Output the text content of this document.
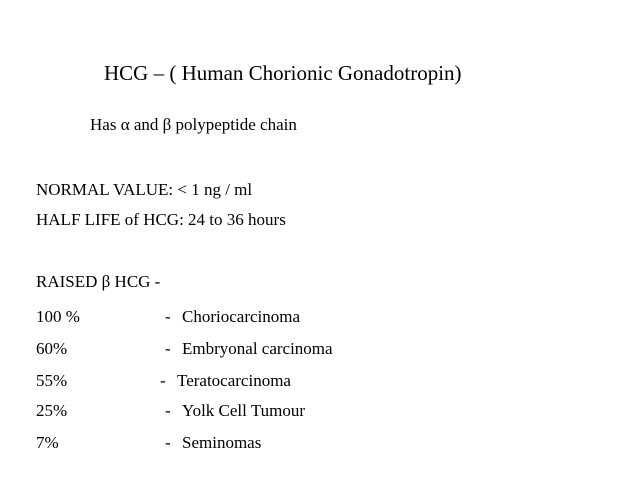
HCG – ( Human Chorionic Gonadotropin)
Has α and β polypeptide chain
NORMAL VALUE: < 1 ng / ml
HALF LIFE of HCG: 24 to 36 hours
RAISED β HCG -
100 %	- Choriocarcinoma
60%	- Embryonal carcinoma
55%	- Teratocarcinoma
25%	- Yolk Cell Tumour
7%	- Seminomas
